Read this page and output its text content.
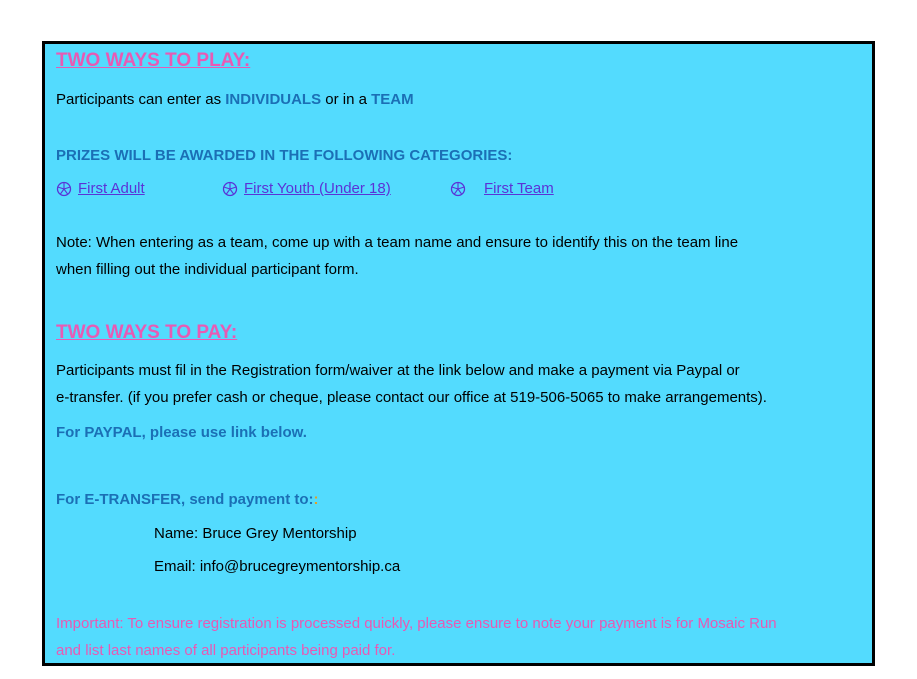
TWO WAYS TO PLAY:
Participants can enter as INDIVIDUALS or in a TEAM
PRIZES WILL BE AWARDED IN THE FOLLOWING CATEGORIES:
First Adult	First Youth (Under 18)	First Team
Note: When entering as a team, come up with a team name and ensure to identify this on the team line
when filling out the individual participant form.
TWO WAYS TO PAY:
Participants must fil in the Registration form/waiver at the link below and make a payment via Paypal or
e-transfer. (if you prefer cash or cheque, please contact our office at 519-506-5065 to make arrangements).
For PAYPAL, please use link below.
For E-TRANSFER, send payment to::
Name: Bruce Grey Mentorship
Email: info@brucegreymentorship.ca
Important: To ensure registration is processed quickly, please ensure to note your payment is for Mosaic Run
and list last names of all participants being paid for.
